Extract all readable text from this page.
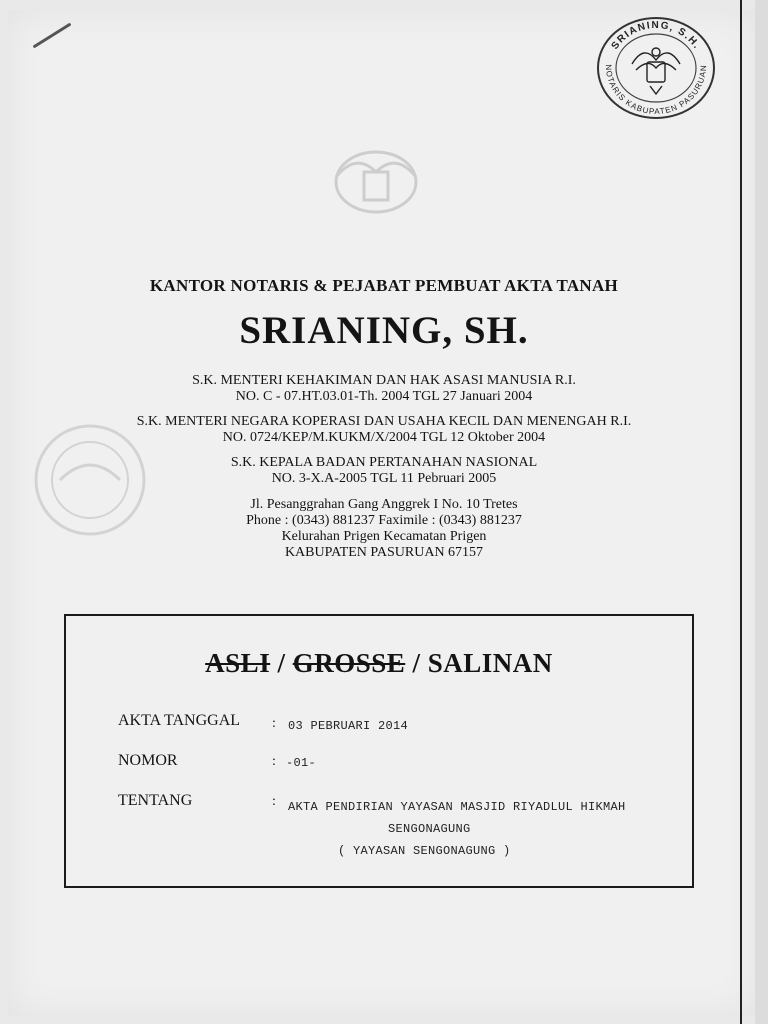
SRIANING, S.H.
NOTARIS KABUPATEN PASURUAN
KANTOR NOTARIS & PEJABAT PEMBUAT AKTA TANAH
SRIANING, SH.
S.K. MENTERI KEHAKIMAN DAN HAK ASASI MANUSIA R.I.
NO. C - 07.HT.03.01-Th. 2004 TGL 27 Januari 2004
S.K. MENTERI NEGARA KOPERASI DAN USAHA KECIL DAN MENENGAH R.I.
NO. 0724/KEP/M.KUKM/X/2004 TGL 12 Oktober 2004
S.K. KEPALA BADAN PERTANAHAN NASIONAL
NO. 3-X.A-2005 TGL 11 Pebruari 2005
Jl. Pesanggrahan Gang Anggrek I No. 10 Tretes
Phone : (0343) 881237 Faximile : (0343) 881237
Kelurahan Prigen Kecamatan Prigen
KABUPATEN PASURUAN 67157
ASLI / GROSSE / SALINAN
AKTA TANGGAL : 03 PEBRUARI 2014
NOMOR	: -01-
TENTANG	: AKTA PENDIRIAN YAYASAN MASJID RIYADLUL HIKMAH
SENGONAGUNG
( YAYASAN SENGONAGUNG )
